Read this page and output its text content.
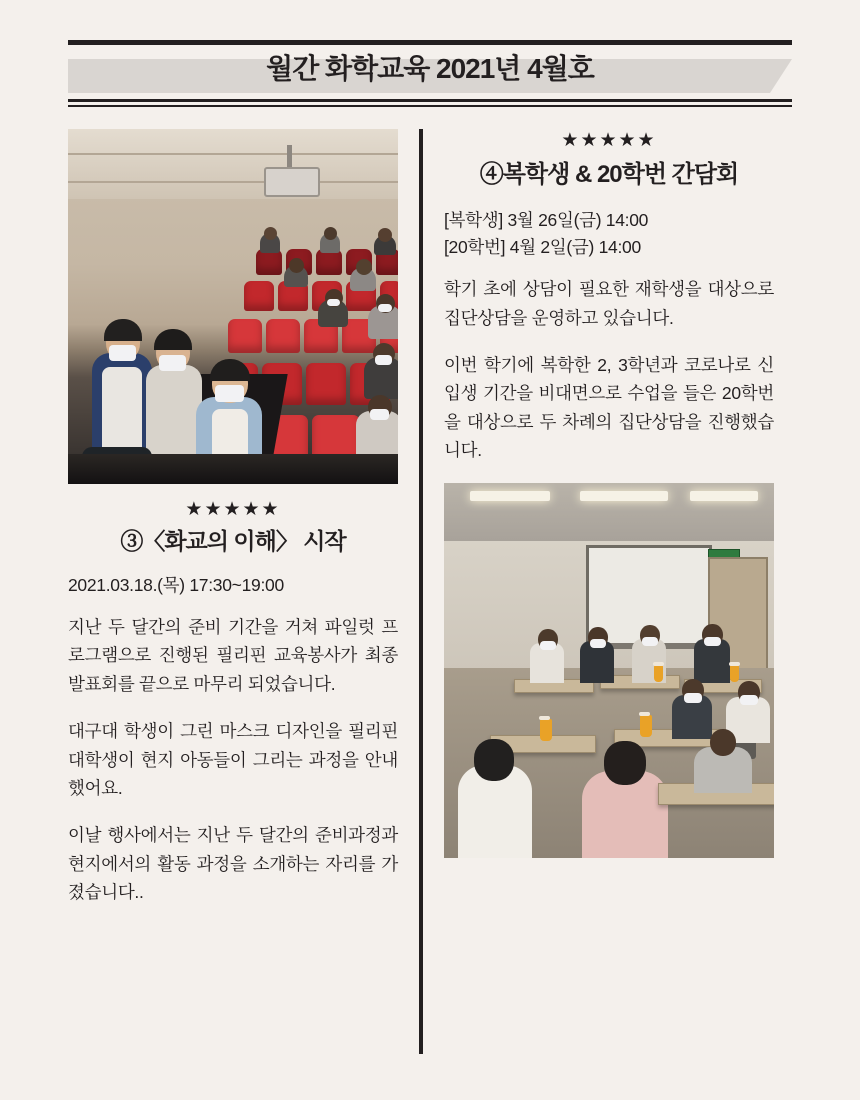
월간 화학교육 2021년 4월호
★★★★★
③〈화교의 이해〉 시작
2021.03.18.(목) 17:30~19:00

지난 두 달간의 준비 기간을 거쳐 파일럿 프로그램으로 진행된 필리핀 교육봉사가 최종 발표회를 끝으로 마무리 되었습니다.

대구대 학생이 그린 마스크 디자인을 필리핀 대학생이 현지 아동들이 그리는 과정을 안내했어요.

이날 행사에서는 지난 두 달간의 준비과정과 현지에서의 활동 과정을 소개하는 자리를 가졌습니다..

★★★★★
④복학생 & 20학번 간담회
[복학생] 3월 26일(금) 14:00
[20학번] 4월 2일(금) 14:00

학기 초에 상담이 필요한 재학생을 대상으로 집단상담을 운영하고 있습니다.

이번 학기에 복학한 2, 3학년과 코로나로 신입생 기간을 비대면으로 수업을 들은 20학번을 대상으로 두 차례의 집단상담을 진행했습니다.
